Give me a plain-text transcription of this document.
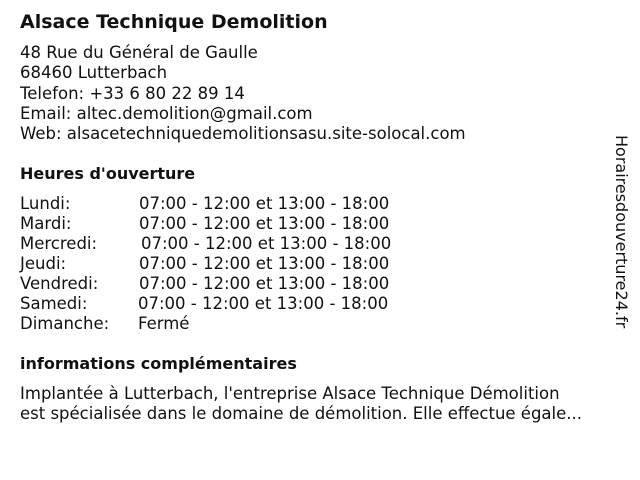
Alsace Technique Demolition
48 Rue du Général de Gaulle
68460 Lutterbach
Telefon: +33 6 80 22 89 14
Email: altec.demolition@gmail.com
Web: alsacetechniquedemolitionsasu.site-solocal.com
Heures d'ouverture
Lundi:	07:00 - 12:00 et 13:00 - 18:00
Mardi:	07:00 - 12:00 et 13:00 - 18:00
Mercredi:	07:00 - 12:00 et 13:00 - 18:00
Jeudi:	07:00 - 12:00 et 13:00 - 18:00
Vendredi: 07:00 - 12:00 et 13:00 - 18:00
Samedi:	07:00 - 12:00 et 13:00 - 18:00
Dimanche: Fermé
informations complémentaires
Implantée à Lutterbach, l'entreprise Alsace Technique Démolition
est spécialisée dans le domaine de démolition. Elle effectue égale...
Horairesdouverture24.fr
